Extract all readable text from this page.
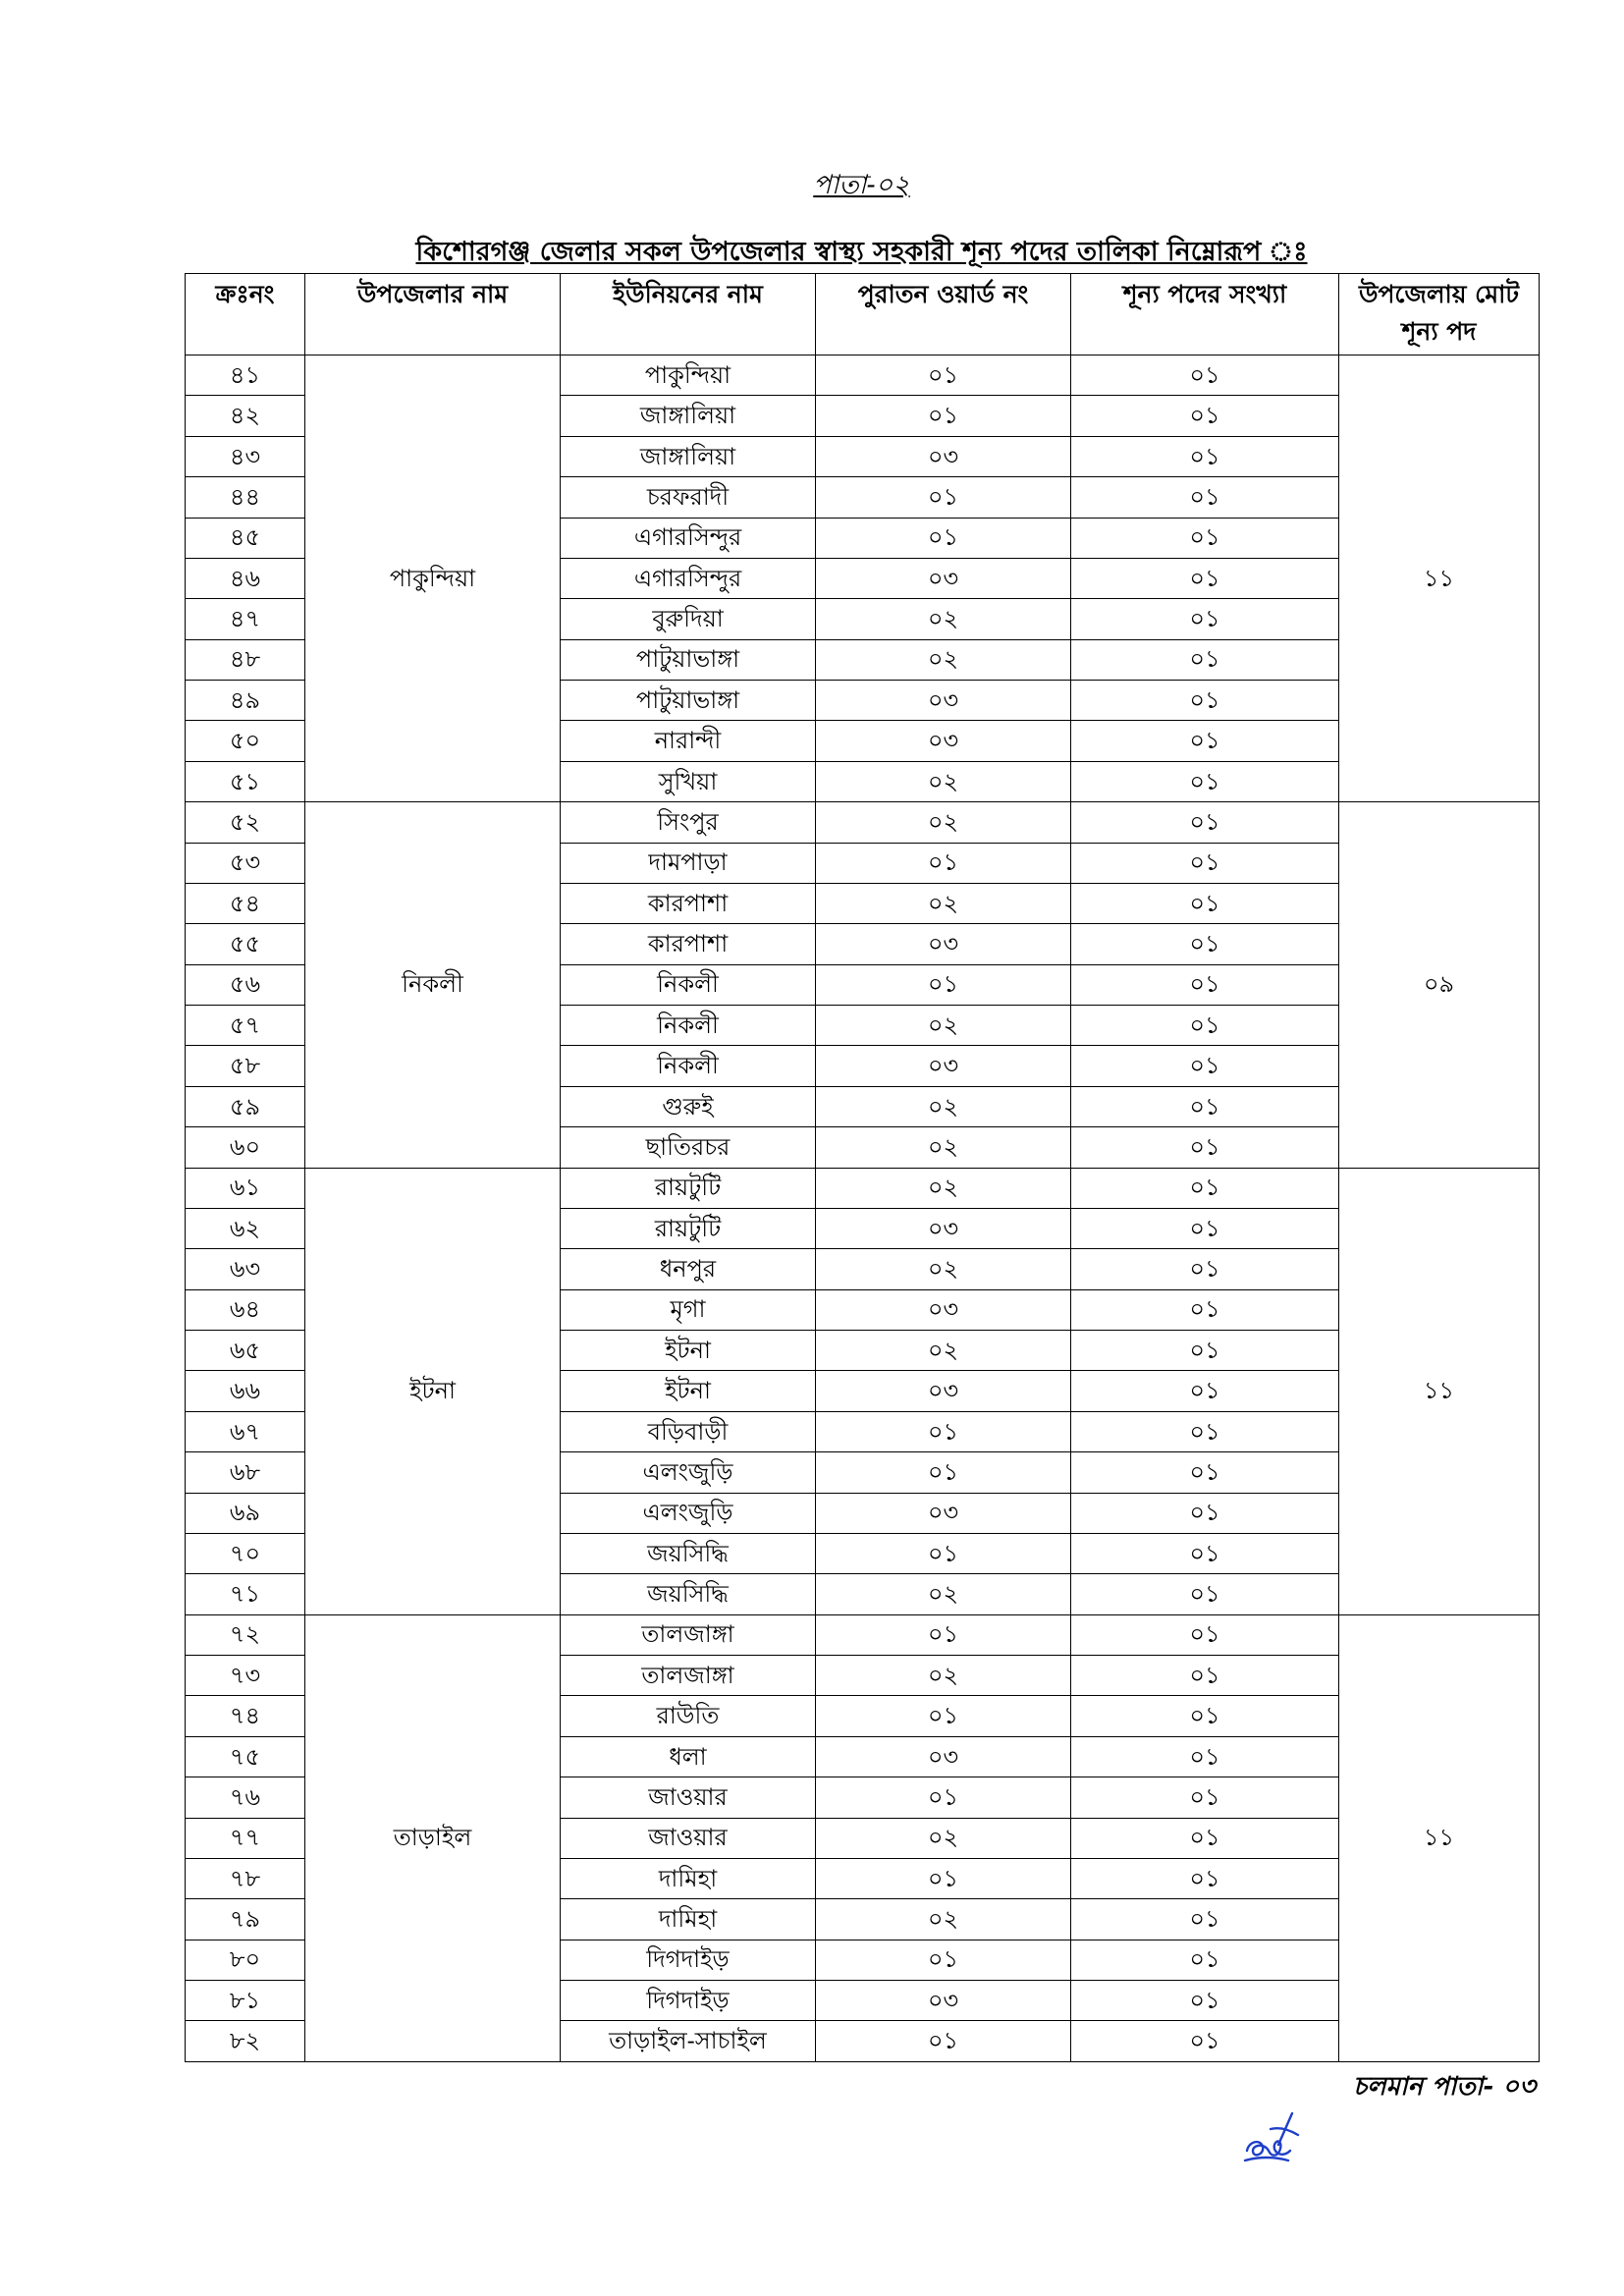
পাতা-০২
কিশোরগঞ্জ জেলার সকল উপজেলার স্বাস্থ্য সহকারী শূন্য পদের তালিকা নিম্নোরূপ ঃ
ক্রঃনং	উপজেলার নাম	ইউনিয়নের নাম	পুরাতন ওয়ার্ড নং	শূন্য পদের সংখ্যা	উপজেলায় মোট শূন্য পদ
৪১	পাকুন্দিয়া	পাকুন্দিয়া	০১	০১	১১
৪২		জাঙ্গালিয়া	০১	০১	
৪৩		জাঙ্গালিয়া	০৩	০১	
৪৪		চরফরাদী	০১	০১	
৪৫		এগারসিন্দুর	০১	০১	
৪৬		এগারসিন্দুর	০৩	০১	
৪৭		বুরুদিয়া	০২	০১	
৪৮		পাটুয়াভাঙ্গা	০২	০১	
৪৯		পাটুয়াভাঙ্গা	০৩	০১	
৫০		নারান্দী	০৩	০১	
৫১		সুখিয়া	০২	০১	
৫২	নিকলী	সিংপুর	০২	০১	০৯
৫৩		দামপাড়া	০১	০১	
৫৪		কারপাশা	০২	০১	
৫৫		কারপাশা	০৩	০১	
৫৬		নিকলী	০১	০১	
৫৭		নিকলী	০২	০১	
৫৮		নিকলী	০৩	০১	
৫৯		গুরুই	০২	০১	
৬০		ছাতিরচর	০২	০১	
৬১	ইটনা	রায়টুটি	০২	০১	১১
৬২		রায়টুটি	০৩	০১	
৬৩		ধনপুর	০২	০১	
৬৪		মৃগা	০৩	০১	
৬৫		ইটনা	০২	০১	
৬৬		ইটনা	০৩	০১	
৬৭		বড়িবাড়ী	০১	০১	
৬৮		এলংজুড়ি	০১	০১	
৬৯		এলংজুড়ি	০৩	০১	
৭০		জয়সিদ্ধি	০১	০১	
৭১		জয়সিদ্ধি	০২	০১	
৭২	তাড়াইল	তালজাঙ্গা	০১	০১	১১
৭৩		তালজাঙ্গা	০২	০১	
৭৪		রাউতি	০১	০১	
৭৫		ধলা	০৩	০১	
৭৬		জাওয়ার	০১	০১	
৭৭		জাওয়ার	০২	০১	
৭৮		দামিহা	০১	০১	
৭৯		দামিহা	০২	০১	
৮০		দিগদাইড়	০১	০১	
৮১		দিগদাইড়	০৩	০১	
৮২		তাড়াইল-সাচাইল	০১	০১	
চলমান পাতা- ০৩
